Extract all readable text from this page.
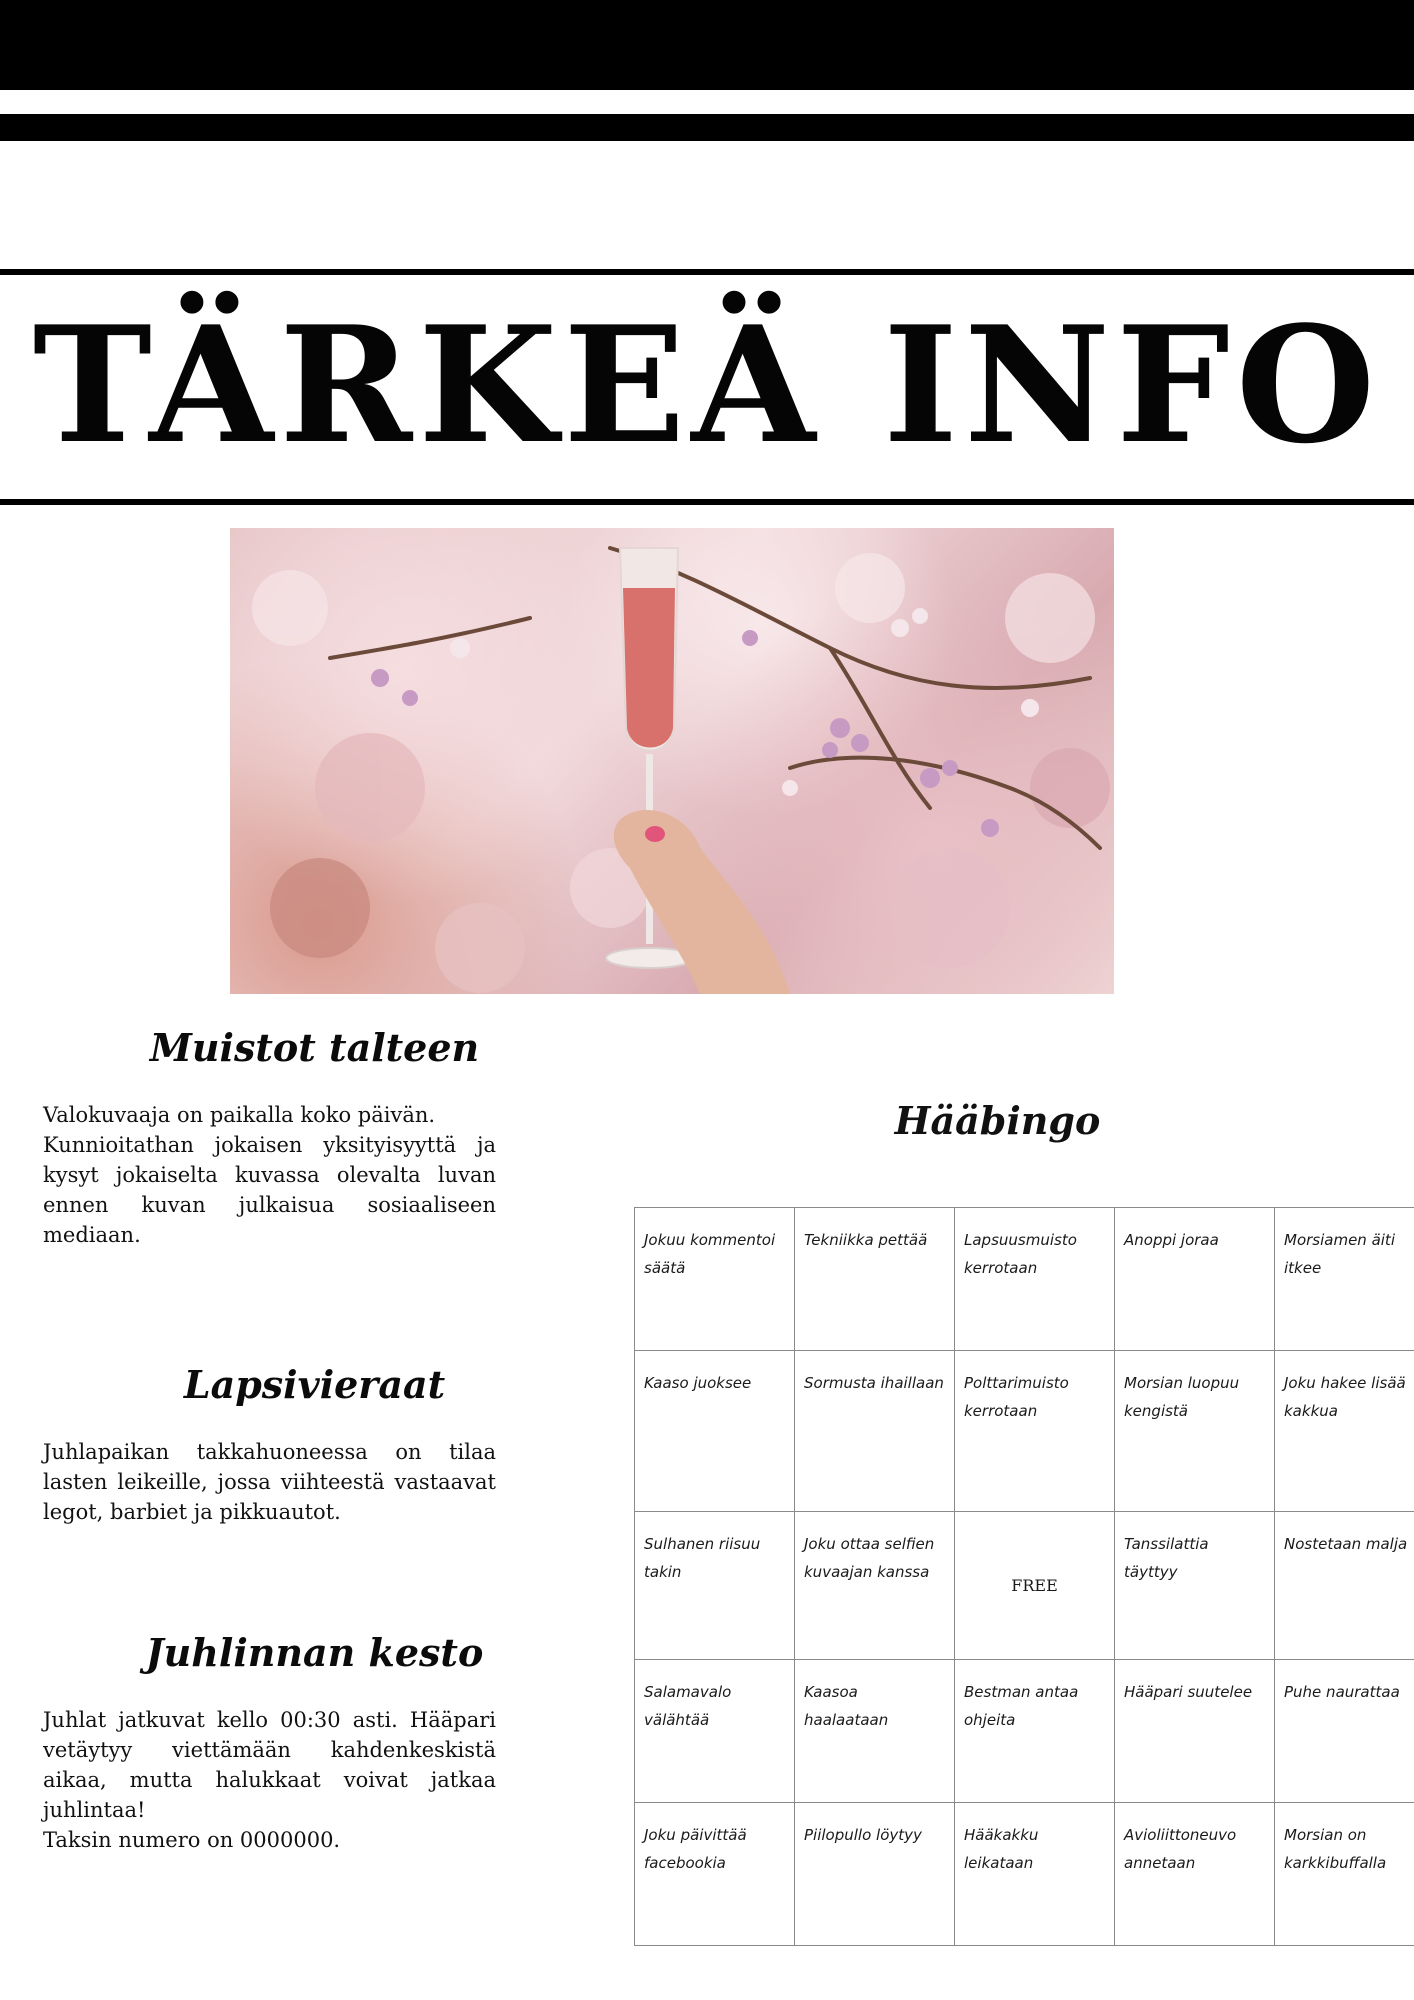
TÄRKEÄ INFO
Muistot talteen

Valokuvaaja on paikalla koko päivän.
Kunnioitathan jokaisen yksityisyyttä ja kysyt jokaiselta kuvassa olevalta luvan ennen kuvan julkaisua sosiaaliseen mediaan.

Lapsivieraat

Juhlapaikan takkahuoneessa on tilaa lasten leikeille, jossa viihteestä vastaavat legot, barbiet ja pikkuautot.

Juhlinnan kesto

Juhlat jatkuvat kello 00:30 asti. Hääpari vetäytyy viettämään kahdenkeskistä aikaa, mutta halukkaat voivat jatkaa juhlintaa!
Taksin numero on 0000000.

Hääbingo
Jokuu kommentoi säätä	Tekniikka pettää	Lapsuusmuisto kerrotaan	Anoppi joraa	Morsiamen äiti itkee
Kaaso juoksee	Sormusta ihaillaan	Polttarimuisto kerrotaan	Morsian luopuu kengistä	Joku hakee lisää kakkua
Sulhanen riisuu takin	Joku ottaa selfien kuvaajan kanssa	FREE	Tanssilattia täyttyy	Nostetaan malja
Salamavalo välähtää	Kaasoa haalaataan	Bestman antaa ohjeita	Hääpari suutelee	Puhe naurattaa
Joku päivittää facebookia	Piilopullo löytyy	Hääkakku leikataan	Avioliittoneuvo annetaan	Morsian on karkkibuffalla
